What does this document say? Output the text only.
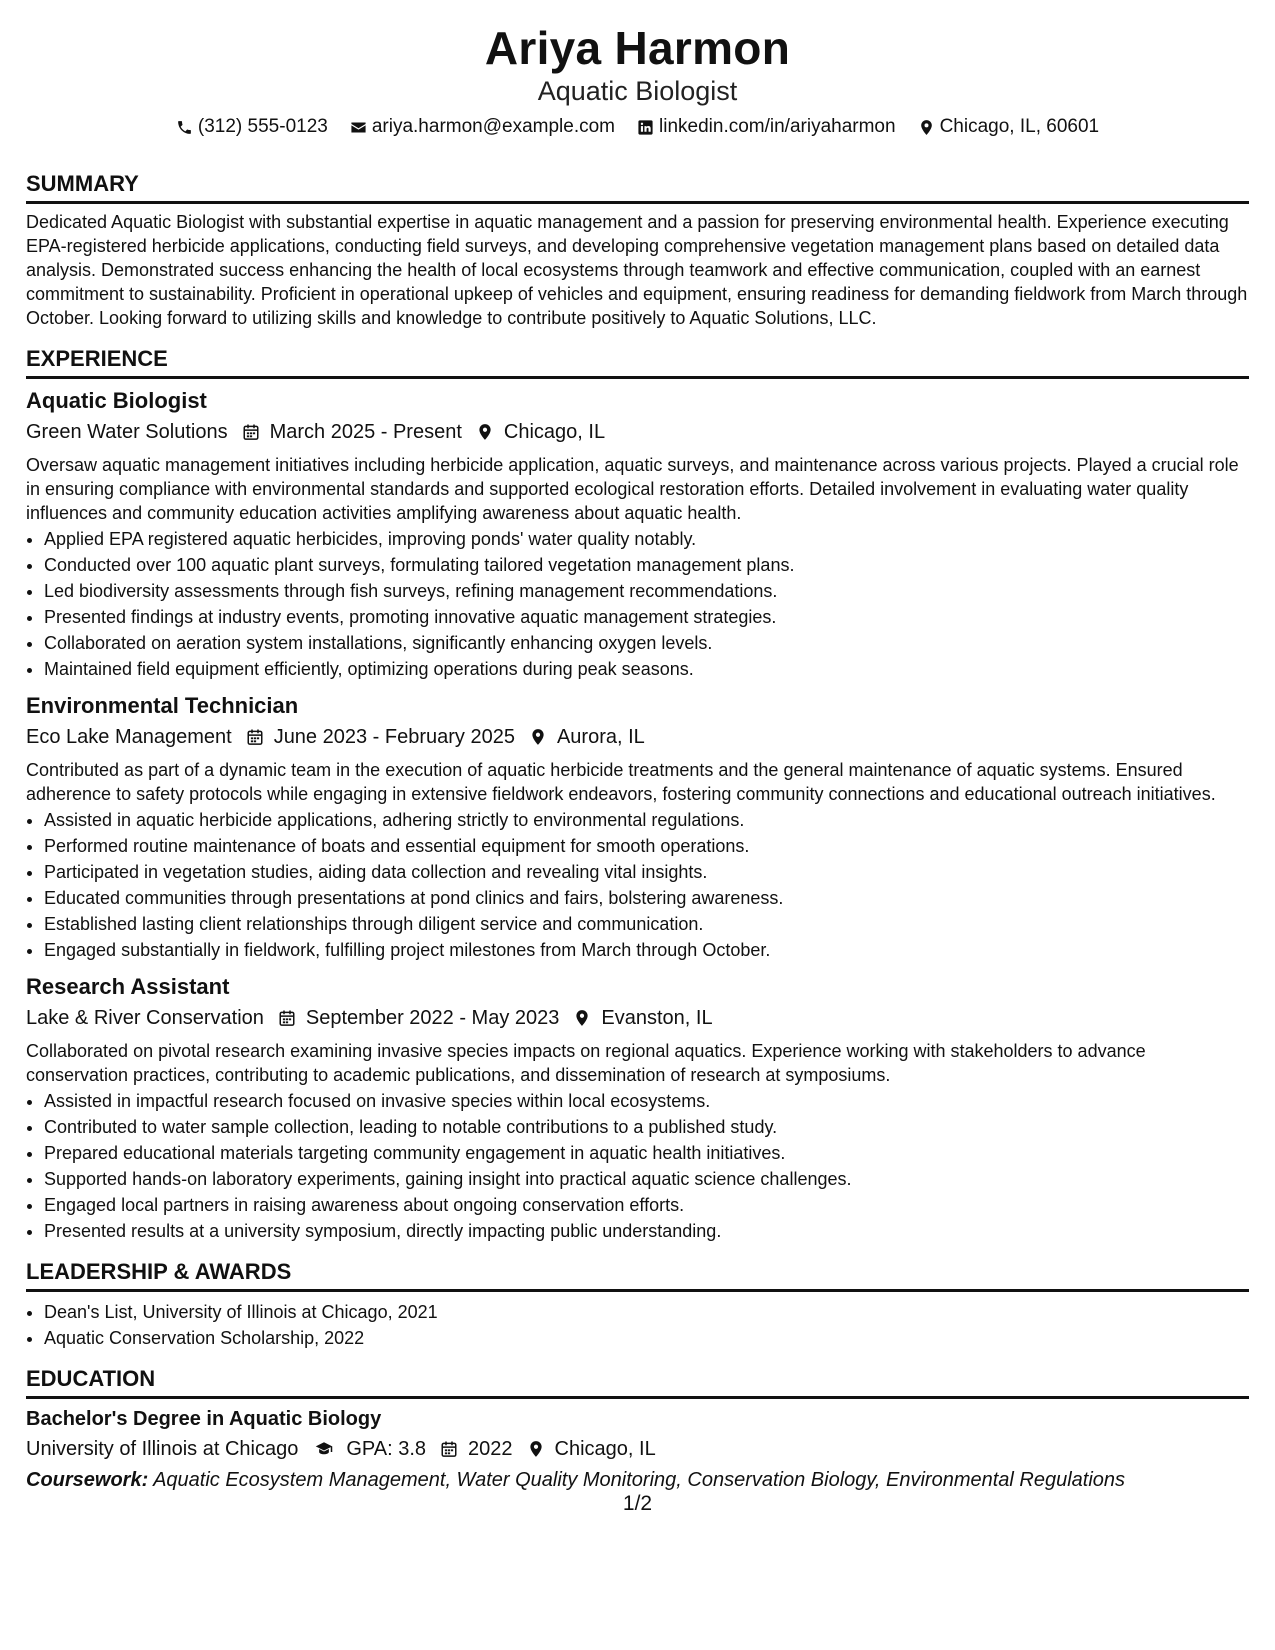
Ariya Harmon

Aquatic Biologist

(312) 555-0123 ariya.harmon@example.com linkedin.com/in/ariyaharmon Chicago, IL, 60601
SUMMARY

Dedicated Aquatic Biologist with substantial expertise in aquatic management and a passion for preserving environmental health. Experience executing EPA-registered herbicide applications, conducting field surveys, and developing comprehensive vegetation management plans based on detailed data analysis. Demonstrated success enhancing the health of local ecosystems through teamwork and effective communication, coupled with an earnest commitment to sustainability. Proficient in operational upkeep of vehicles and equipment, ensuring readiness for demanding fieldwork from March through October. Looking forward to utilizing skills and knowledge to contribute positively to Aquatic Solutions, LLC.

EXPERIENCE
Aquatic Biologist
Green Water Solutions March 2025 - Present Chicago, IL

Oversaw aquatic management initiatives including herbicide application, aquatic surveys, and maintenance across various projects. Played a crucial role in ensuring compliance with environmental standards and supported ecological restoration efforts. Detailed involvement in evaluating water quality influences and community education activities amplifying awareness about aquatic health.

• Applied EPA registered aquatic herbicides, improving ponds' water quality notably.
• Conducted over 100 aquatic plant surveys, formulating tailored vegetation management plans.
• Led biodiversity assessments through fish surveys, refining management recommendations.
• Presented findings at industry events, promoting innovative aquatic management strategies.
• Collaborated on aeration system installations, significantly enhancing oxygen levels.
• Maintained field equipment efficiently, optimizing operations during peak seasons.
Environmental Technician
Eco Lake Management June 2023 - February 2025 Aurora, IL

Contributed as part of a dynamic team in the execution of aquatic herbicide treatments and the general maintenance of aquatic systems. Ensured adherence to safety protocols while engaging in extensive fieldwork endeavors, fostering community connections and educational outreach initiatives.

• Assisted in aquatic herbicide applications, adhering strictly to environmental regulations.
• Performed routine maintenance of boats and essential equipment for smooth operations.
• Participated in vegetation studies, aiding data collection and revealing vital insights.
• Educated communities through presentations at pond clinics and fairs, bolstering awareness.
• Established lasting client relationships through diligent service and communication.
• Engaged substantially in fieldwork, fulfilling project milestones from March through October.
Research Assistant
Lake & River Conservation September 2022 - May 2023 Evanston, IL

Collaborated on pivotal research examining invasive species impacts on regional aquatics. Experience working with stakeholders to advance conservation practices, contributing to academic publications, and dissemination of research at symposiums.

• Assisted in impactful research focused on invasive species within local ecosystems.
• Contributed to water sample collection, leading to notable contributions to a published study.
• Prepared educational materials targeting community engagement in aquatic health initiatives.
• Supported hands-on laboratory experiments, gaining insight into practical aquatic science challenges.
• Engaged local partners in raising awareness about ongoing conservation efforts.
• Presented results at a university symposium, directly impacting public understanding.
LEADERSHIP & AWARDS
• Dean's List, University of Illinois at Chicago, 2021
• Aquatic Conservation Scholarship, 2022
EDUCATION
Bachelor's Degree in Aquatic Biology
University of Illinois at Chicago GPA: 3.8 2022 Chicago, IL
Coursework: Aquatic Ecosystem Management, Water Quality Monitoring, Conservation Biology, Environmental Regulations
1/2
